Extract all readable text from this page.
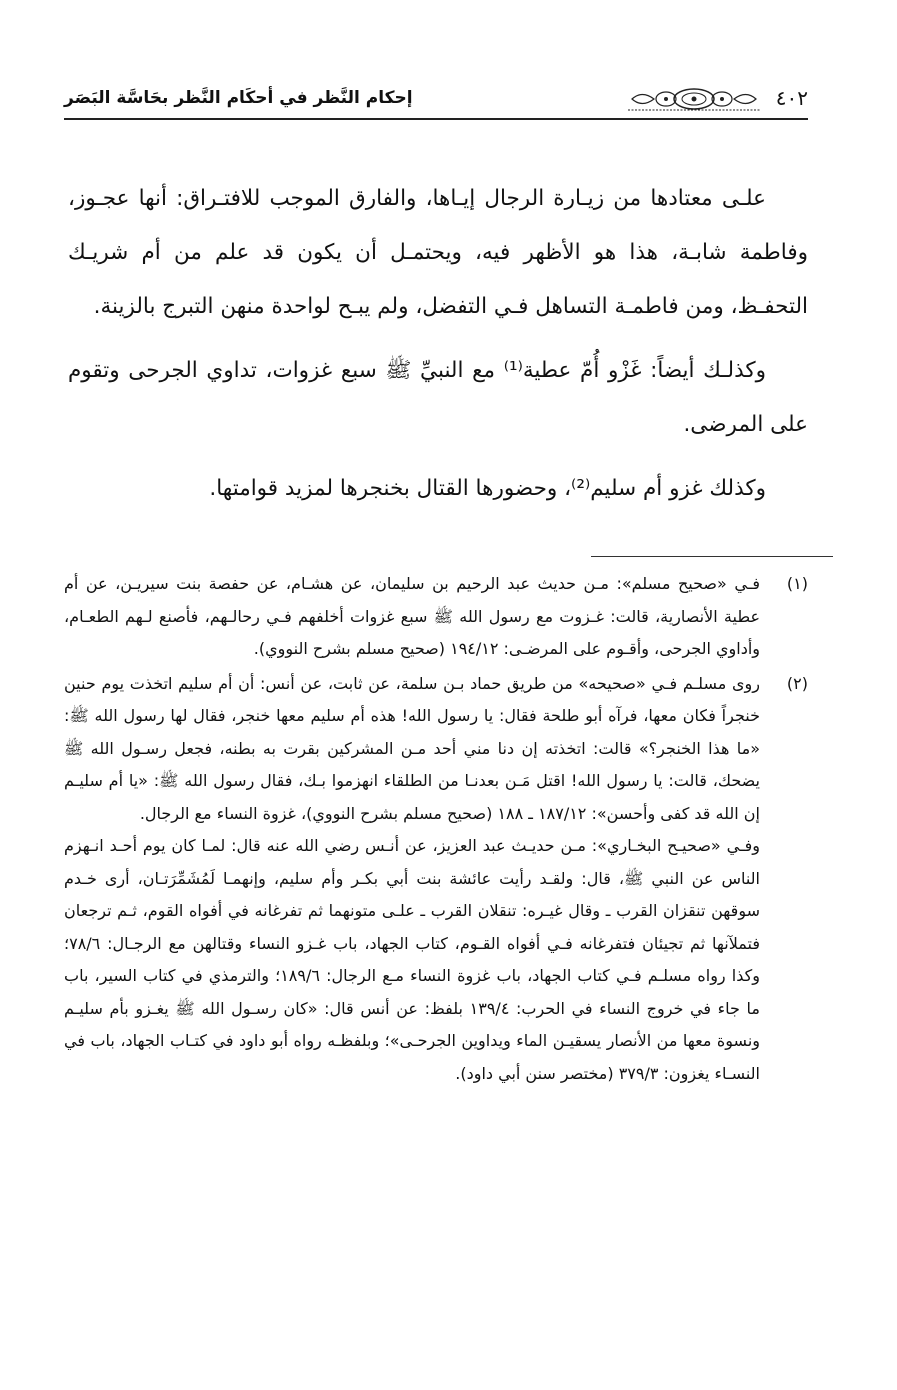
٤٠٢
إحكام النَّظر في أحكَام النَّظر بحَاسَّة البَصَر

علـى معتادها من زيـارة الرجال إيـاها، والفارق الموجب للافتـراق: أنها عجـوز، وفاطمة شابـة، هذا هو الأظهر فيه، ويحتمـل أن يكون قد علم من أم شريـك التحفـظ، ومن فاطمـة التساهل فـي التفضل، ولم يبـح لواحدة منهن التبرج بالزينة.

وكذلـك أيضاً: غَزْو أُمّ عطية⁽¹⁾ مع النبيِّ ﷺ سبع غزوات، تداوي الجرحى وتقوم على المرضى.

وكذلك غزو أم سليم⁽²⁾، وحضورها القتال بخنجرها لمزيد قوامتها.

(١)

فـي «صحيح مسلم»: مـن حديث عبد الرحيم بن سليمان، عن هشـام، عن حفصة بنت سيريـن، عن أم عطية الأنصارية، قالت: غـزوت مع رسول الله ﷺ سبع غزوات أخلفهم فـي رحالـهم، فأصنع لـهم الطعـام، وأداوي الجرحى، وأقـوم على المرضـى: ١٩٤/١٢ (صحيح مسلم بشرح النووي).

(٢)

روى مسلـم فـي «صحيحه» من طريق حماد بـن سلمة، عن ثابت، عن أنس: أن أم سليم اتخذت يوم حنين خنجراً فكان معها، فرآه أبو طلحة فقال: يا رسول الله! هذه أم سليم معها خنجر، فقال لها رسول الله ﷺ: «ما هذا الخنجر؟» قالت: اتخذته إن دنا مني أحد مـن المشركين بقرت به بطنه، فجعل رسـول الله ﷺ يضحك، قالت: يا رسول الله! اقتل مَـن بعدنـا من الطلقاء انهزموا بـك، فقال رسول الله ﷺ: «يا أم سليـم إن الله قد كفى وأحسن»: ١٨٧/١٢ ـ ١٨٨ (صحيح مسلم بشرح النووي)، غزوة النساء مع الرجال.

وفـي «صحيـح البخـاري»: مـن حديـث عبد العزيز، عن أنـس رضي الله عنه قال: لمـا كان يوم أحـد انـهزم الناس عن النبي ﷺ، قال: ولقـد رأيت عائشة بنت أبي بكـر وأم سليم، وإنهمـا لَمُشَمِّرَتـان، أرى خـدم سوقهن تنقزان القرب ـ وقال غيـره: تنقلان القرب ـ علـى متونهما ثم تفرغانه في أفواه القوم، ثـم ترجعان فتملآنها ثم تجيئان فتفرغانه فـي أفواه القـوم، كتاب الجهاد، باب غـزو النساء وقتالهن مع الرجـال: ٧٨/٦؛ وكذا رواه مسلـم فـي كتاب الجهاد، باب غزوة النساء مـع الرجال: ١٨٩/٦؛ والترمذي في كتاب السير، باب ما جاء في خروج النساء في الحرب: ١٣٩/٤ بلفظ: عن أنس قال: «كان رسـول الله ﷺ يغـزو بأم سليـم ونسوة معها من الأنصار يسقيـن الماء ويداوين الجرحـى»؛ وبلفظـه رواه أبو داود في كتـاب الجهاد، باب في النسـاء يغزون: ٣٧٩/٣ (مختصر سنن أبي داود).
